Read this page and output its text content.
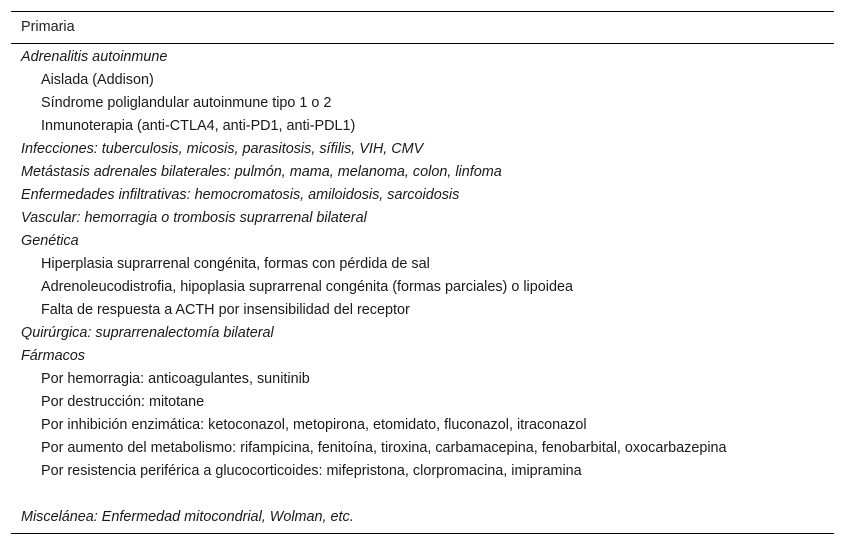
Primaria
Adrenalitis autoinmune
Aislada (Addison)
Síndrome poliglandular autoinmune tipo 1 o 2
Inmunoterapia (anti-CTLA4, anti-PD1, anti-PDL1)
Infecciones: tuberculosis, micosis, parasitosis, sífilis, VIH, CMV
Metástasis adrenales bilaterales: pulmón, mama, melanoma, colon, linfoma
Enfermedades infiltrativas: hemocromatosis, amiloidosis, sarcoidosis
Vascular: hemorragia o trombosis suprarrenal bilateral
Genética
Hiperplasia suprarrenal congénita, formas con pérdida de sal
Adrenoleucodistrofia, hipoplasia suprarrenal congénita (formas parciales) o lipoidea
Falta de respuesta a ACTH por insensibilidad del receptor
Quirúrgica: suprarrenalectomía bilateral
Fármacos
Por hemorragia: anticoagulantes, sunitinib
Por destrucción: mitotane
Por inhibición enzimática: ketoconazol, metopirona, etomidato, fluconazol, itraconazol
Por aumento del metabolismo: rifampicina, fenitoína, tiroxina, carbamacepina, fenobarbital, oxocarbazepina
Por resistencia periférica a glucocorticoides: mifepristona, clorpromacina, imipramina
Miscelánea: Enfermedad mitocondrial, Wolman, etc.
